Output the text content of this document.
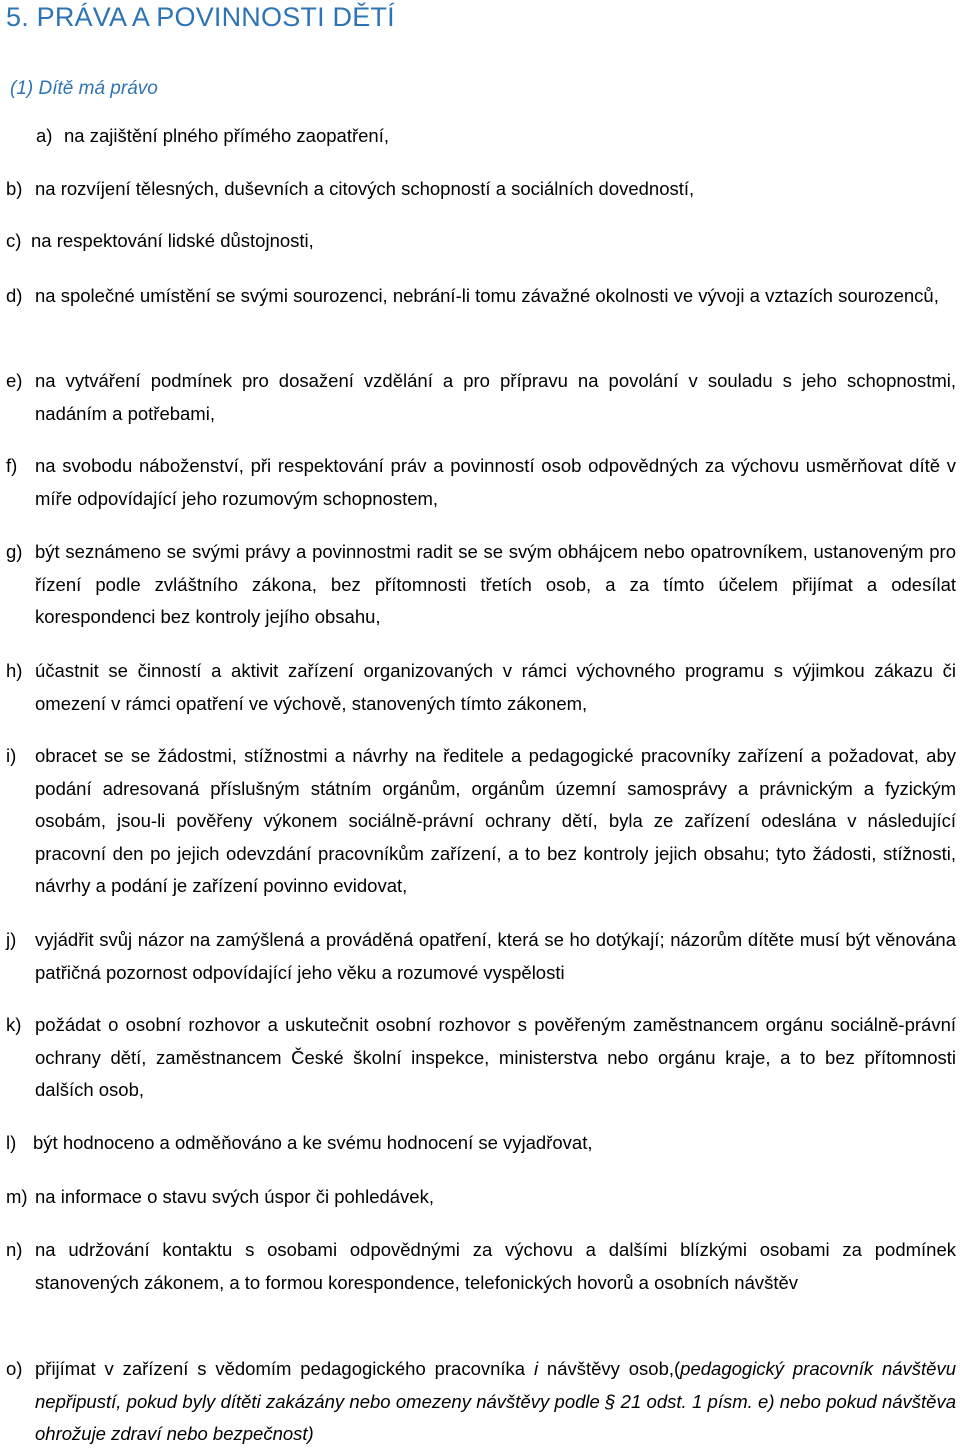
5. PRÁVA A POVINNOSTI DĚTÍ
(1) Dítě má právo
a) na zajištění plného přímého zaopatření,
b) na rozvíjení tělesných, duševních a citových schopností a sociálních dovedností,
c) na respektování lidské důstojnosti,
d) na společné umístění se svými sourozenci, nebrání-li tomu závažné okolnosti ve vývoji a vztazích sourozenců,
e) na vytváření podmínek pro dosažení vzdělání a pro přípravu na povolání v souladu s jeho schopnostmi, nadáním a potřebami,
f) na svobodu náboženství, při respektování práv a povinností osob odpovědných za výchovu usměrňovat dítě v míře odpovídající jeho rozumovým schopnostem,
g) být seznámeno se svými právy a povinnostmi radit se se svým obhájcem nebo opatrovníkem, ustanoveným pro řízení podle zvláštního zákona, bez přítomnosti třetích osob, a za tímto účelem přijímat a odesílat korespondenci bez kontroly jejího obsahu,
h) účastnit se činností a aktivit zařízení organizovaných v rámci výchovného programu s výjimkou zákazu či omezení v rámci opatření ve výchově, stanovených tímto zákonem,
i) obracet se se žádostmi, stížnostmi a návrhy na ředitele a pedagogické pracovníky zařízení a požadovat, aby podání adresovaná příslušným státním orgánům, orgánům územní samosprávy a právnickým a fyzickým osobám, jsou-li pověřeny výkonem sociálně-právní ochrany dětí, byla ze zařízení odeslána v následující pracovní den po jejich odevzdání pracovníkům zařízení, a to bez kontroly jejich obsahu; tyto žádosti, stížnosti, návrhy a podání je zařízení povinno evidovat,
j) vyjádřit svůj názor na zamýšlená a prováděná opatření, která se ho dotýkají; názorům dítěte musí být věnována patřičná pozornost odpovídající jeho věku a rozumové vyspělosti
k) požádat o osobní rozhovor a uskutečnit osobní rozhovor s pověřeným zaměstnancem orgánu sociálně-právní ochrany dětí, zaměstnancem České školní inspekce, ministerstva nebo orgánu kraje, a to bez přítomnosti dalších osob,
l) být hodnoceno a odměňováno a ke svému hodnocení se vyjadřovat,
m) na informace o stavu svých úspor či pohledávek,
n) na udržování kontaktu s osobami odpovědnými za výchovu a dalšími blízkými osobami za podmínek stanovených zákonem, a to formou korespondence, telefonických hovorů a osobních návštěv
o) přijímat v zařízení s vědomím pedagogického pracovníka i návštěvy osob,(pedagogický pracovník návštěvu nepřipustí, pokud byly dítěti zakázány nebo omezeny návštěvy podle § 21 odst. 1 písm. e) nebo pokud návštěva ohrožuje zdraví nebo bezpečnost)
